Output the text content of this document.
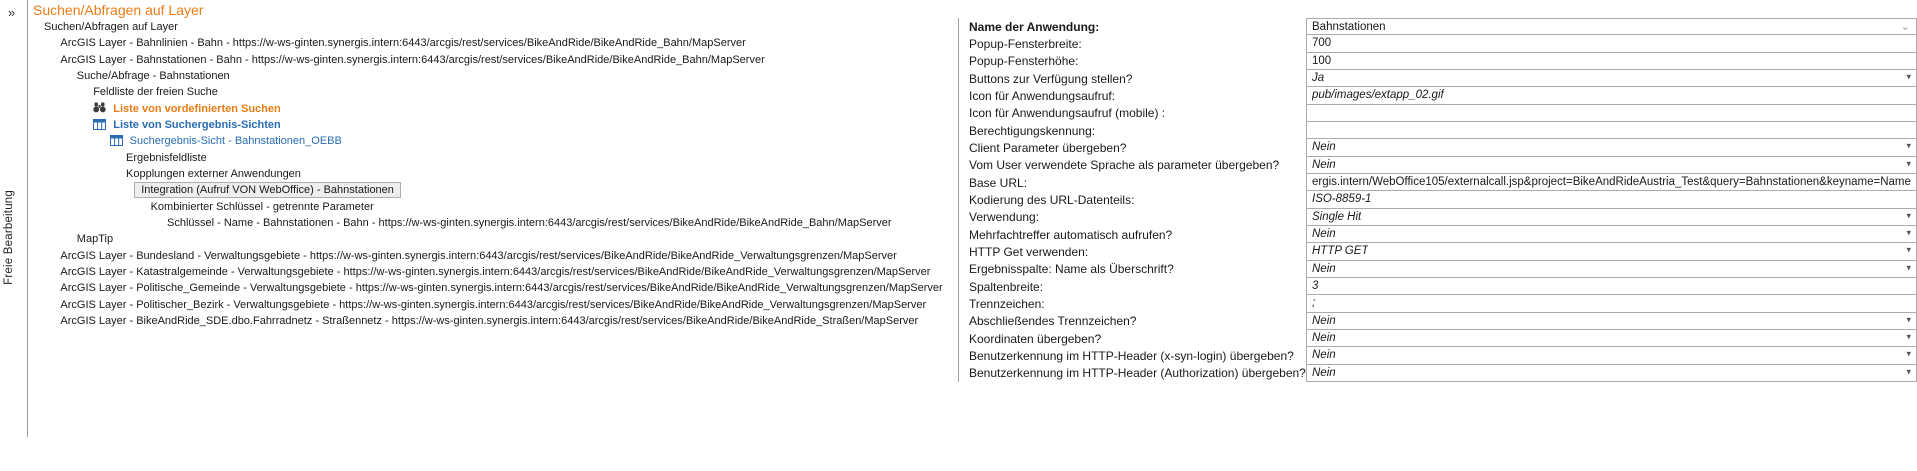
»
Freie Bearbeitung
Suchen/Abfragen auf Layer
Suchen/Abfragen auf Layer
ArcGIS Layer - Bahnlinien - Bahn - https://w-ws-ginten.synergis.intern:6443/arcgis/rest/services/BikeAndRide/BikeAndRide_Bahn/MapServer
ArcGIS Layer - Bahnstationen - Bahn - https://w-ws-ginten.synergis.intern:6443/arcgis/rest/services/BikeAndRide/BikeAndRide_Bahn/MapServer
Suche/Abfrage - Bahnstationen
Feldliste der freien Suche
Liste von vordefinierten Suchen
Liste von Suchergebnis-Sichten
Suchergebnis-Sicht - Bahnstationen_OEBB
Ergebnisfeldliste
Kopplungen externer Anwendungen
Integration (Aufruf VON WebOffice) - Bahnstationen
Kombinierter Schlüssel - getrennte Parameter
Schlüssel - Name - Bahnstationen - Bahn - https://w-ws-ginten.synergis.intern:6443/arcgis/rest/services/BikeAndRide/BikeAndRide_Bahn/MapServer
MapTip
ArcGIS Layer - Bundesland - Verwaltungsgebiete - https://w-ws-ginten.synergis.intern:6443/arcgis/rest/services/BikeAndRide/BikeAndRide_Verwaltungsgrenzen/MapServer
ArcGIS Layer - Katastralgemeinde - Verwaltungsgebiete - https://w-ws-ginten.synergis.intern:6443/arcgis/rest/services/BikeAndRide/BikeAndRide_Verwaltungsgrenzen/MapServer
ArcGIS Layer - Politische_Gemeinde - Verwaltungsgebiete - https://w-ws-ginten.synergis.intern:6443/arcgis/rest/services/BikeAndRide/BikeAndRide_Verwaltungsgrenzen/MapServer
ArcGIS Layer - Politischer_Bezirk - Verwaltungsgebiete - https://w-ws-ginten.synergis.intern:6443/arcgis/rest/services/BikeAndRide/BikeAndRide_Verwaltungsgrenzen/MapServer
ArcGIS Layer - BikeAndRide_SDE.dbo.Fahrradnetz - Straßennetz - https://w-ws-ginten.synergis.intern:6443/arcgis/rest/services/BikeAndRide/BikeAndRide_Straßen/MapServer
Name der Anwendung:	Bahnstationen	⌄
Popup-Fensterbreite:	700
Popup-Fensterhöhe:	100
Buttons zur Verfügung stellen?	Ja	▾
Icon für Anwendungsaufruf:	pub/images/extapp_02.gif
Icon für Anwendungsaufruf (mobile) :
Berechtigungskennung:
Client Parameter übergeben?	Nein	▾
Vom User verwendete Sprache als parameter übergeben?	Nein	▾
Base URL:	ergis.intern/WebOffice105/externalcall.jsp&project=BikeAndRideAustria_Test&query=Bahnstationen&keyname=Name
Kodierung des URL-Datenteils:	ISO-8859-1
Verwendung:	Single Hit	▾
Mehrfachtreffer automatisch aufrufen?	Nein	▾
HTTP Get verwenden:	HTTP GET	▾
Ergebnisspalte: Name als Überschrift?	Nein	▾
Spaltenbreite:	3
Trennzeichen:	;
Abschließendes Trennzeichen?	Nein	▾
Koordinaten übergeben?	Nein	▾
Benutzerkennung im HTTP-Header (x-syn-login) übergeben?	Nein	▾
Benutzerkennung im HTTP-Header (Authorization) übergeben? Nein	▾
